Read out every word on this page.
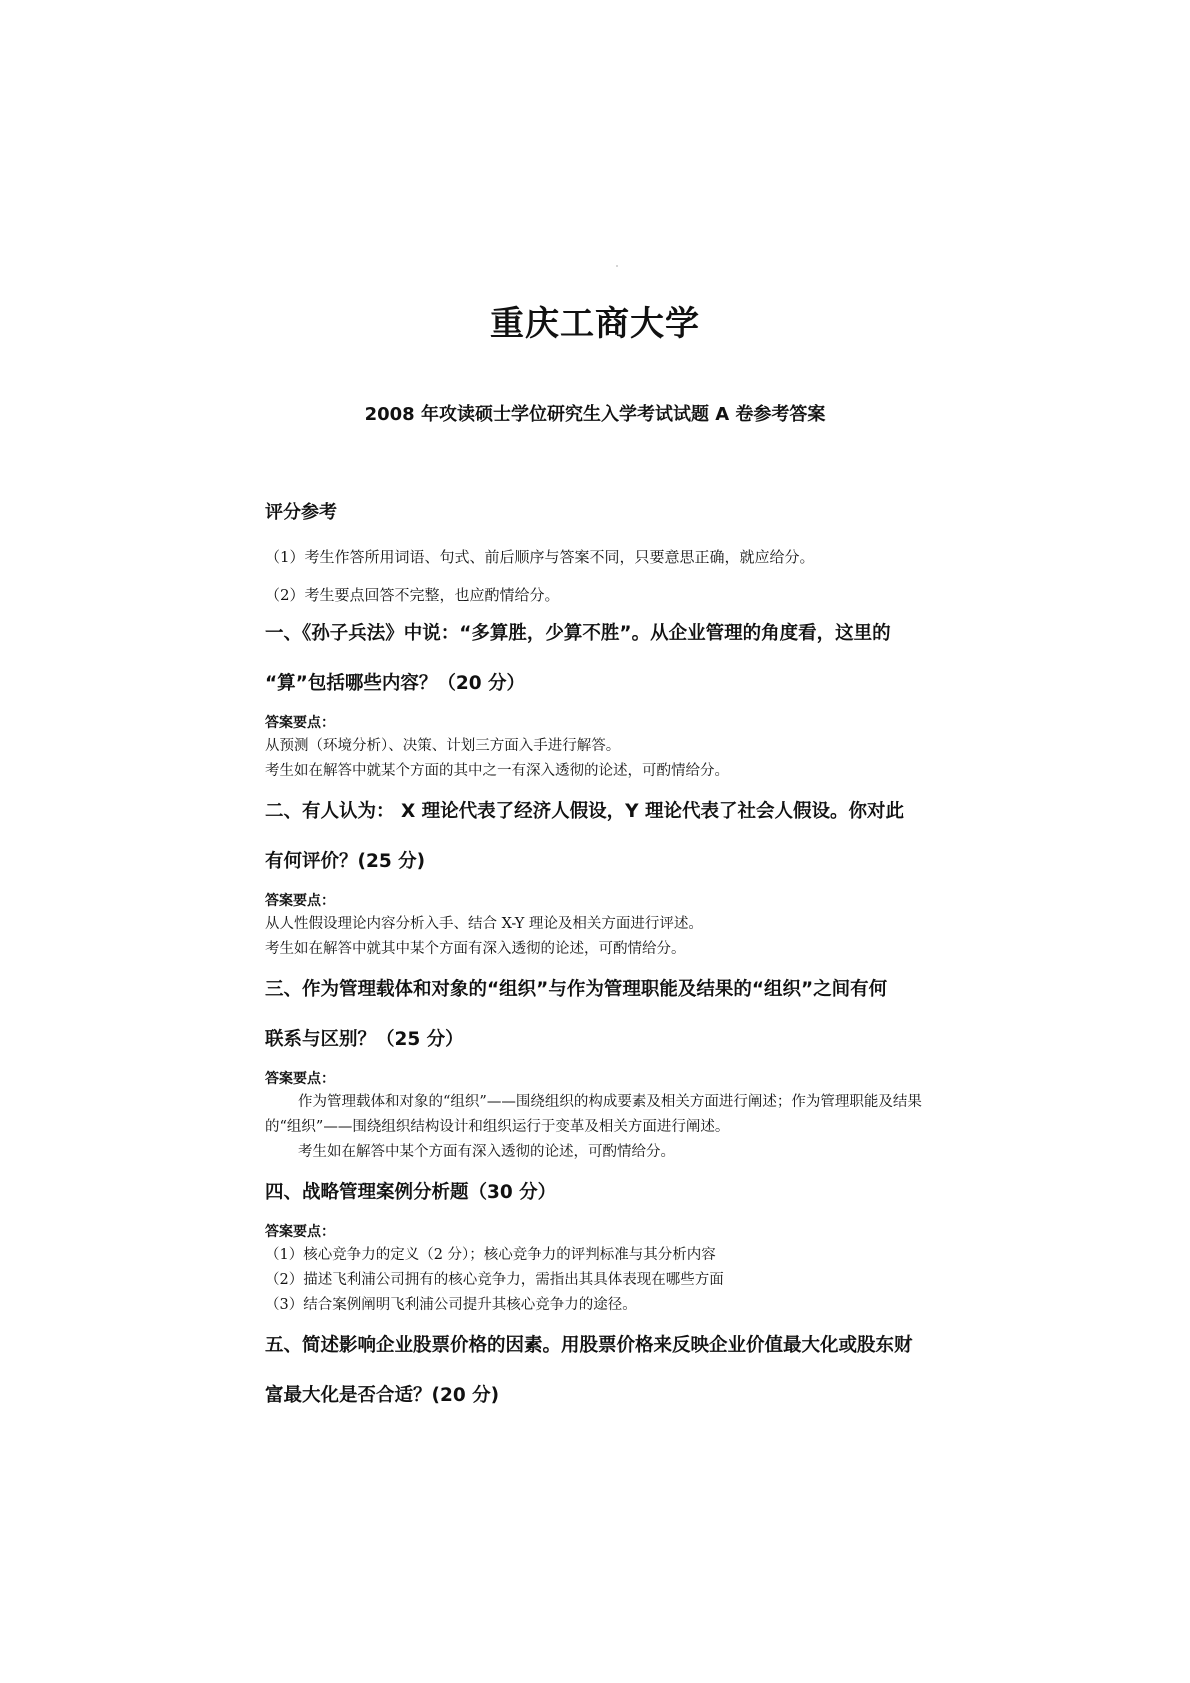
重庆工商大学
2008 年攻读硕士学位研究生入学考试试题 A 卷参考答案

评分参考

（1）考生作答所用词语、句式、前后顺序与答案不同，只要意思正确，就应给分。

（2）考生要点回答不完整，也应酌情给分。

一、《孙子兵法》中说：“多算胜，少算不胜”。从企业管理的角度看，这里的

“算”包括哪些内容？（20 分）

答案要点：

从预测（环境分析）、决策、计划三方面入手进行解答。

考生如在解答中就某个方面的其中之一有深入透彻的论述，可酌情给分。

二、有人认为： X 理论代表了经济人假设，Y 理论代表了社会人假设。你对此

有何评价？(25 分)

答案要点：

从人性假设理论内容分析入手、结合 X-Y 理论及相关方面进行评述。

考生如在解答中就其中某个方面有深入透彻的论述，可酌情给分。

三、作为管理载体和对象的“组织”与作为管理职能及结果的“组织”之间有何

联系与区别？（25 分）

答案要点：

作为管理载体和对象的“组织”——围绕组织的构成要素及相关方面进行阐述；作为管理职能及结果的“组织”——围绕组织结构设计和组织运行于变革及相关方面进行阐述。

考生如在解答中某个方面有深入透彻的论述，可酌情给分。

四、战略管理案例分析题（30 分）

答案要点：

（1）核心竞争力的定义（2 分）；核心竞争力的评判标准与其分析内容

（2）描述飞利浦公司拥有的核心竞争力，需指出其具体表现在哪些方面

（3）结合案例阐明飞利浦公司提升其核心竞争力的途径。

五、简述影响企业股票价格的因素。用股票价格来反映企业价值最大化或股东财

富最大化是否合适？(20 分)
